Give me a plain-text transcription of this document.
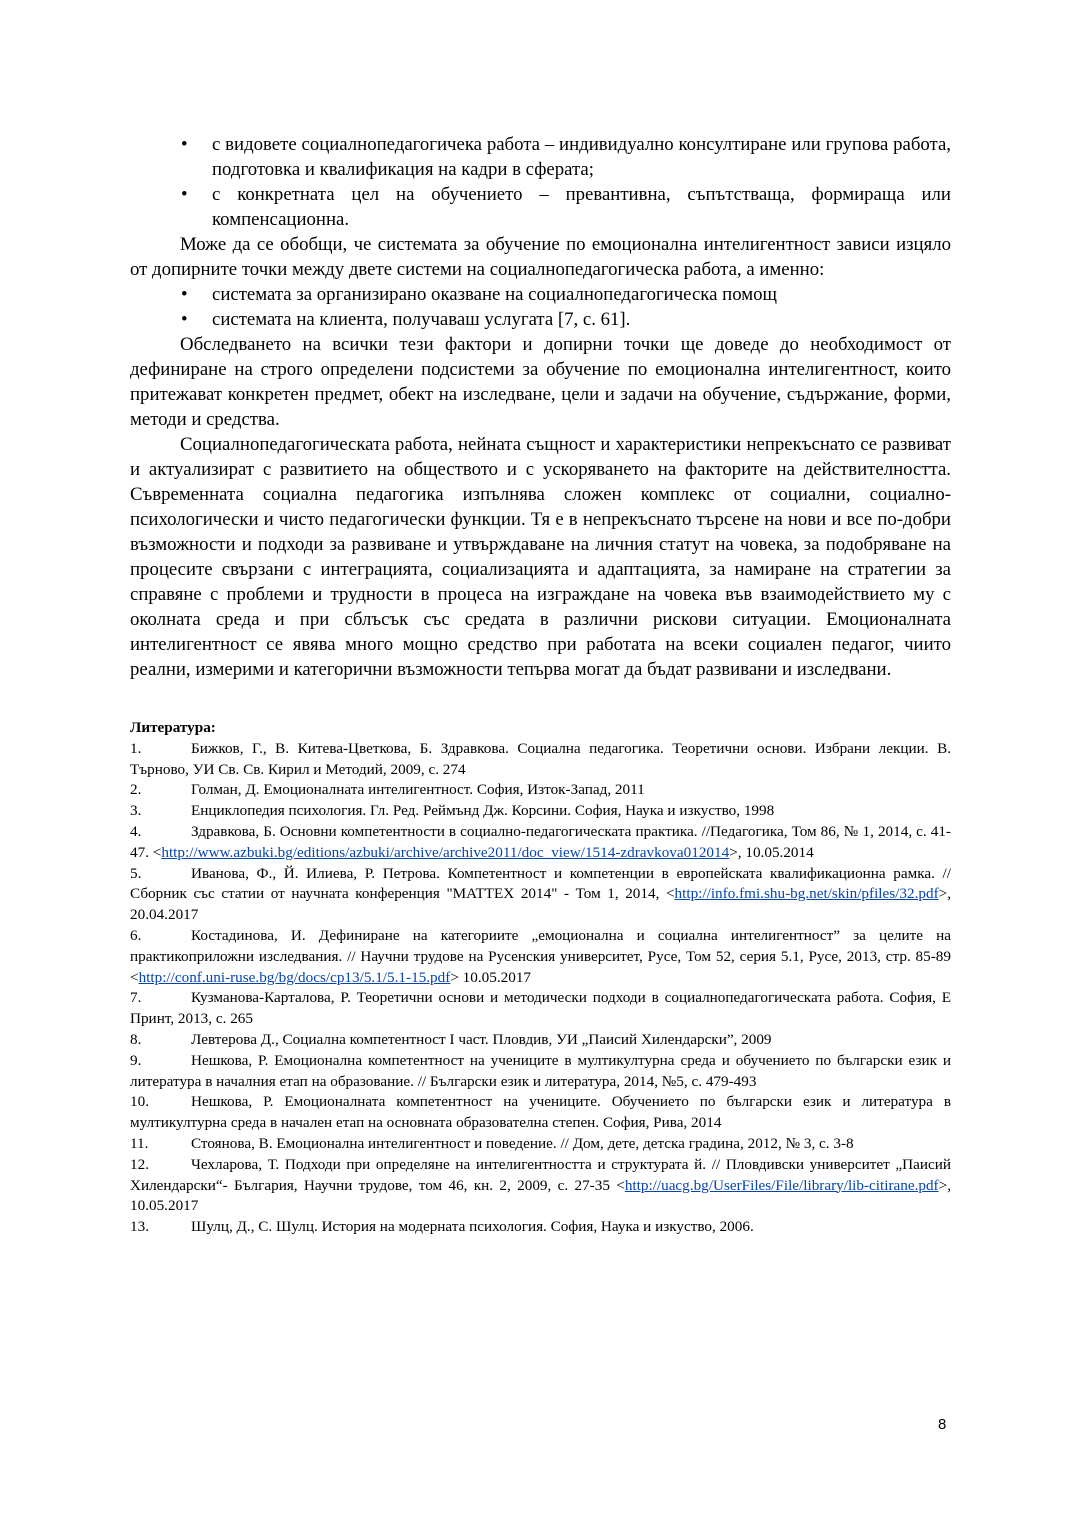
• с видовете социалнопедагогичека работа – индивидуално консултиране или групова работа, подготовка и квалификация на кадри в сферата;
• с конкретната цел на обучението – превантивна, съпътстваща, формираща или компенсационна.

Може да се обобщи, че системата за обучение по емоционална интелигентност зависи изцяло от допирните точки между двете системи на социалнопедагогическа работа, а именно:

• системата за организирано оказване на социалнопедагогическа помощ
• системата на клиента, получаваш услугата [7, с. 61].

Обследването на всички тези фактори и допирни точки ще доведе до необходимост от дефиниране на строго определени подсистеми за обучение по емоционална интелигентност, които притежават конкретен предмет, обект на изследване, цели и задачи на обучение, съдържание, форми, методи и средства.

Социалнопедагогическата работа, нейната същност и характеристики непрекъснато се развиват и актуализират с развитието на обществото и с ускоряването на факторите на действителността. Съвременната социална педагогика изпълнява сложен комплекс от социални, социално-психологически и чисто педагогически функции. Тя е в непрекъснато търсене на нови и все по-добри възможности и подходи за развиване и утвърждаване на личния статут на човека, за подобряване на процесите свързани с интеграцията, социализацията и адаптацията, за намиране на стратегии за справяне с проблеми и трудности в процеса на изграждане на човека във взаимодействието му с околната среда и при сблъсък със средата в различни рискови ситуации. Емоционалната интелигентност се явява много мощно средство при работата на всеки социален педагог, чиито реални, измерими и категорични възможности тепърва могат да бъдат развивани и изследвани.

Литература:

1.	Бижков, Г., В. Китева-Цветкова, Б. Здравкова. Социална педагогика. Теоретични основи. Избрани лекции. В. Търново, УИ Св. Св. Кирил и Методий, 2009, с. 274

2.	Голман, Д. Емоционалната интелигентност. София, Изток-Запад, 2011

3.	Енциклопедия психология. Гл. Ред. Реймънд Дж. Корсини. София, Наука и изкуство, 1998

4.	Здравкова, Б. Основни компетентности в социално-педагогическата практика. //Педагогика, Том 86, № 1, 2014, с. 41-47. <http://www.azbuki.bg/editions/azbuki/archive/archive2011/doc_view/1514-zdravkova012014>, 10.05.2014

5.	Иванова, Ф., Й. Илиева, Р. Петрова. Компетентност и компетенции в европейската квалификационна рамка. //Сборник със статии от научната конференция "MATTEX 2014" - Том 1, 2014, <http://info.fmi.shu-bg.net/skin/pfiles/32.pdf>, 20.04.2017

6.	Костадинова, И. Дефиниране на категориите „емоционална и социална интелигентност” за целите на практикоприложни изследвания. // Научни трудове на Русенския университет, Русе, Том 52, серия 5.1, Русе, 2013, стр. 85-89 <http://conf.uni-ruse.bg/bg/docs/cp13/5.1/5.1-15.pdf> 10.05.2017

7.	Кузманова-Карталова, Р. Теоретични основи и методически подходи в социалнопедагогическата работа. София, Е Принт, 2013, с. 265

8.	Левтерова Д., Социална компетентност I част. Пловдив, УИ „Паисий Хилендарски”, 2009

9.	Нешкова, Р. Емоционална компетентност на учениците в мултикултурна среда и обучението по български език и литература в началния етап на образование. // Български език и литература, 2014, №5, с. 479-493

10.	Нешкова, Р. Емоционалната компетентност на учениците. Обучението по български език и литература в мултикултурна среда в началeн етап на основната образователна степен. София, Рива, 2014

11.	Стоянова, В. Емоционална интелигентност и поведение. // Дом, дете, детска градина, 2012, № 3, с. 3-8

12.	Чехларова, Т. Подходи при определяне на интелигентността и структурата й. // Пловдивски университет „Паисий Хилендарски“- България, Научни трудове, том 46, кн. 2, 2009, с. 27-35 <http://uacg.bg/UserFiles/File/library/lib-citirane.pdf>, 10.05.2017

13.	Шулц, Д., С. Шулц. История на модерната психология. София, Наука и изкуство, 2006.

8
